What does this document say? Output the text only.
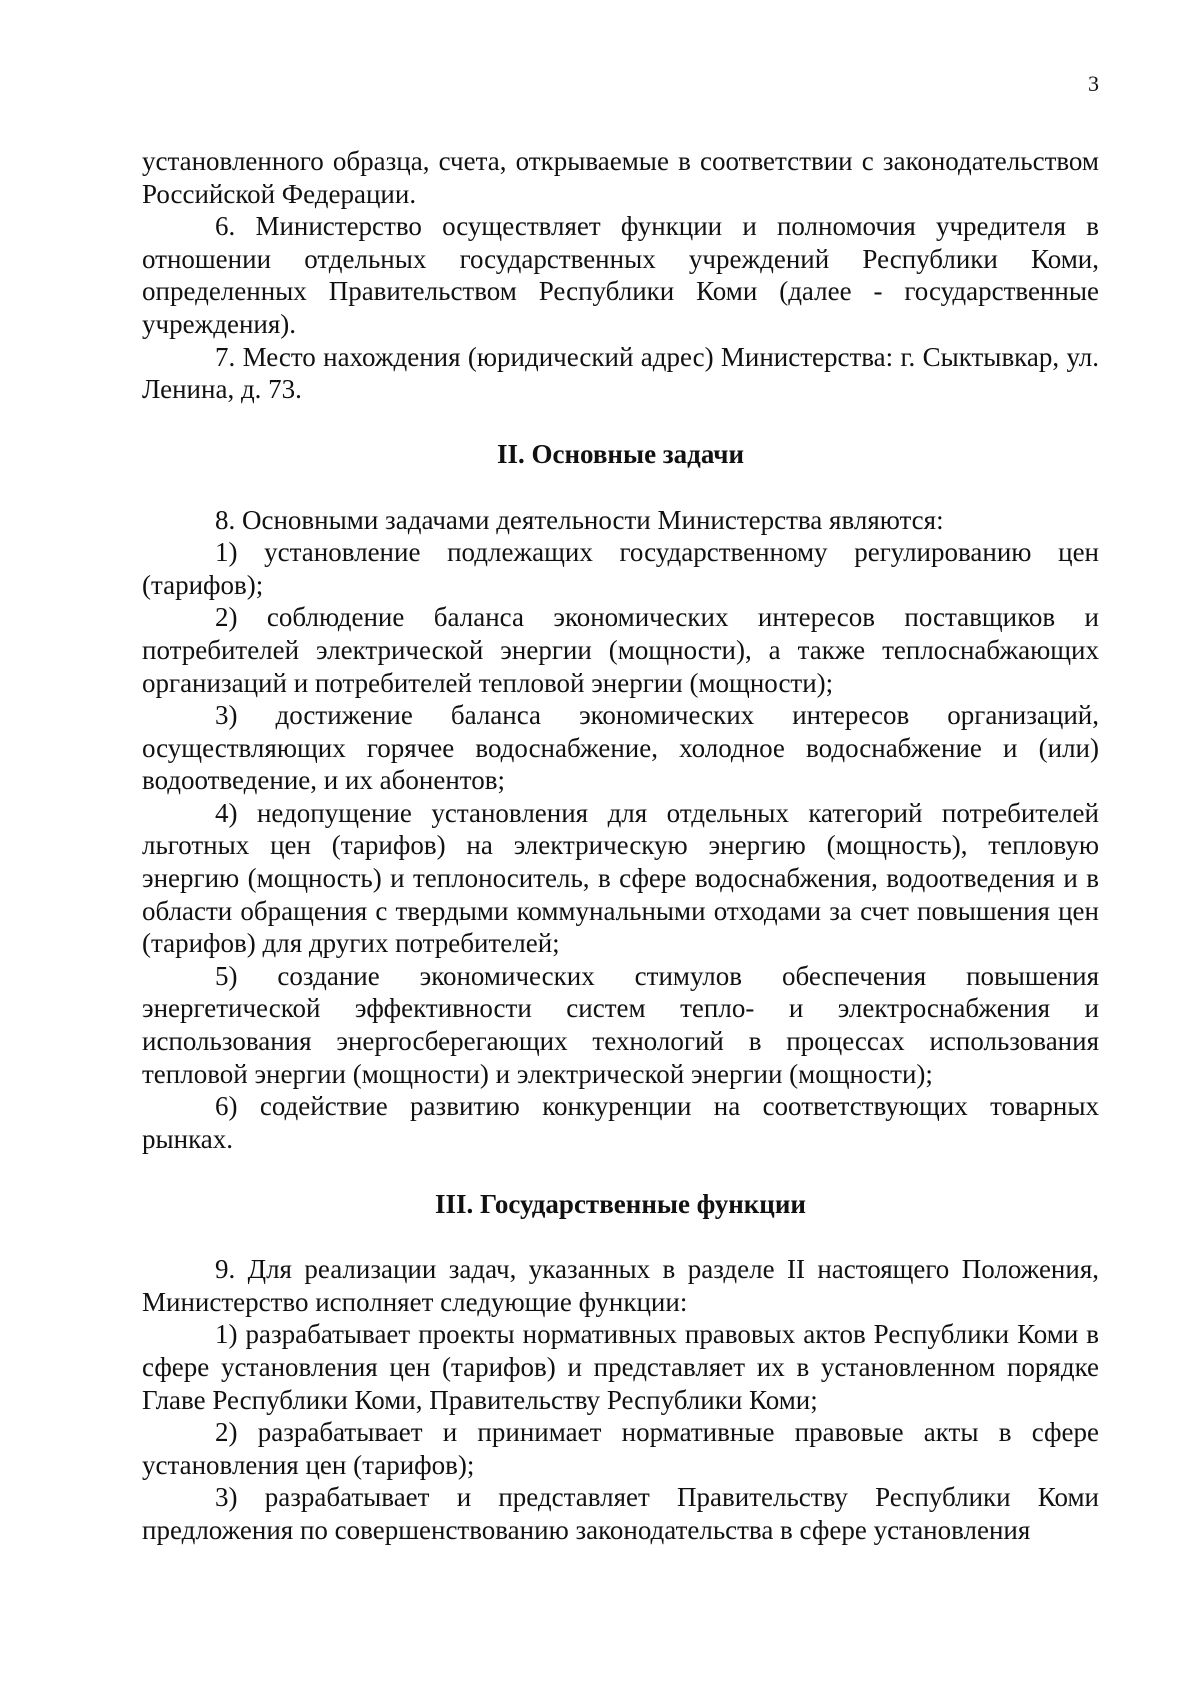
3

установленного образца, счета, открываемые в соответствии с законодательством Российской Федерации.

6. Министерство осуществляет функции и полномочия учредителя в отношении отдельных государственных учреждений Республики Коми, определенных Правительством Республики Коми (далее - государственные учреждения).

7. Место нахождения (юридический адрес) Министерства: г. Сыктывкар, ул. Ленина, д. 73.

II. Основные задачи

8. Основными задачами деятельности Министерства являются:

1) установление подлежащих государственному регулированию цен (тарифов);

2) соблюдение баланса экономических интересов поставщиков и потребителей электрической энергии (мощности), а также теплоснабжающих организаций и потребителей тепловой энергии (мощности);

3) достижение баланса экономических интересов организаций, осуществляющих горячее водоснабжение, холодное водоснабжение и (или) водоотведение, и их абонентов;

4) недопущение установления для отдельных категорий потребителей льготных цен (тарифов) на электрическую энергию (мощность), тепловую энергию (мощность) и теплоноситель, в сфере водоснабжения, водоотведения и в области обращения с твердыми коммунальными отходами за счет повышения цен (тарифов) для других потребителей;

5) создание экономических стимулов обеспечения повышения энергетической эффективности систем тепло- и электроснабжения и использования энергосберегающих технологий в процессах использования тепловой энергии (мощности) и электрической энергии (мощности);

6) содействие развитию конкуренции на соответствующих товарных рынках.

III. Государственные функции

9. Для реализации задач, указанных в разделе II настоящего Положения, Министерство исполняет следующие функции:

1) разрабатывает проекты нормативных правовых актов Республики Коми в сфере установления цен (тарифов) и представляет их в установленном порядке Главе Республики Коми, Правительству Республики Коми;

2) разрабатывает и принимает нормативные правовые акты в сфере установления цен (тарифов);

3) разрабатывает и представляет Правительству Республики Коми предложения по совершенствованию законодательства в сфере установления
